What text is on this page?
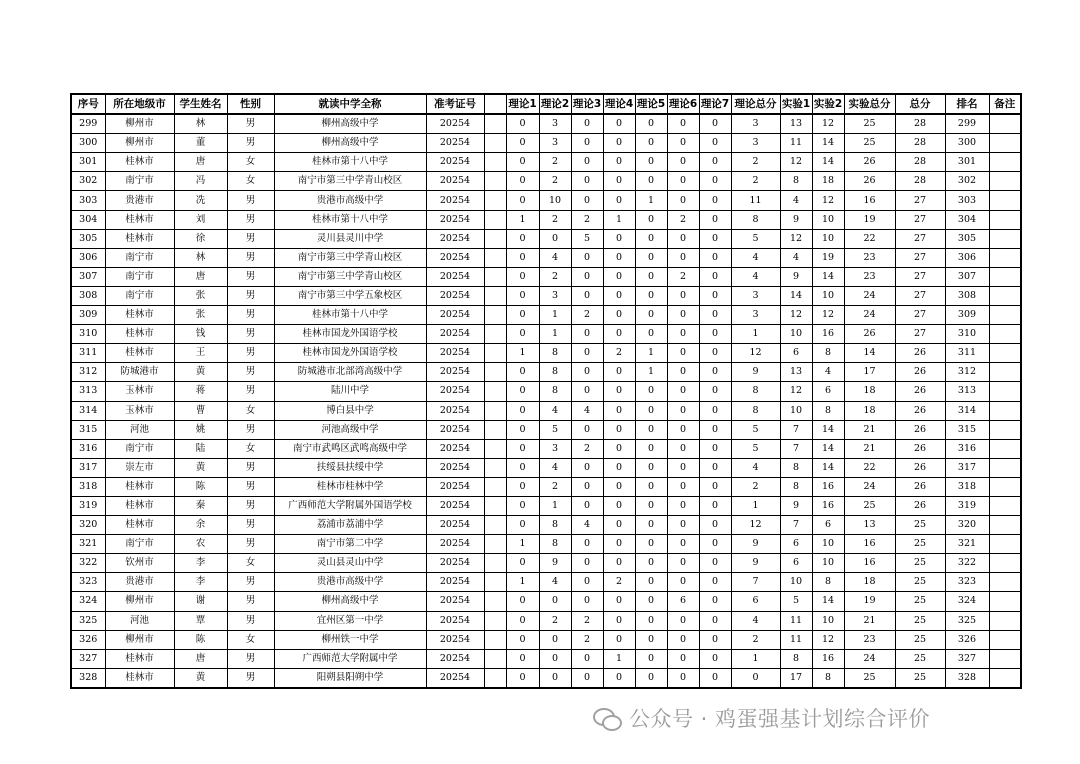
序号	所在地级市	学生姓名	性别	就读中学全称	准考证号		理论1	理论2	理论3	理论4	理论5	理论6	理论7	理论总分	实验1	实验2	实验总分	总分	排名	备注
299	柳州市	林	男	柳州高级中学	20254		0	3	0	0	0	0	0	3	13	12	25	28	299	
300	柳州市	董	男	柳州高级中学	20254		0	3	0	0	0	0	0	3	11	14	25	28	300	
301	桂林市	唐	女	桂林市第十八中学	20254		0	2	0	0	0	0	0	2	12	14	26	28	301	
302	南宁市	冯	女	南宁市第三中学青山校区	20254		0	2	0	0	0	0	0	2	8	18	26	28	302	
303	贵港市	冼	男	贵港市高级中学	20254		0	10	0	0	1	0	0	11	4	12	16	27	303	
304	桂林市	刘	男	桂林市第十八中学	20254		1	2	2	1	0	2	0	8	9	10	19	27	304	
305	桂林市	徐	男	灵川县灵川中学	20254		0	0	5	0	0	0	0	5	12	10	22	27	305	
306	南宁市	林	男	南宁市第三中学青山校区	20254		0	4	0	0	0	0	0	4	4	19	23	27	306	
307	南宁市	唐	男	南宁市第三中学青山校区	20254		0	2	0	0	0	2	0	4	9	14	23	27	307	
308	南宁市	张	男	南宁市第三中学五象校区	20254		0	3	0	0	0	0	0	3	14	10	24	27	308	
309	桂林市	张	男	桂林市第十八中学	20254		0	1	2	0	0	0	0	3	12	12	24	27	309	
310	桂林市	钱	男	桂林市国龙外国语学校	20254		0	1	0	0	0	0	0	1	10	16	26	27	310	
311	桂林市	王	男	桂林市国龙外国语学校	20254		1	8	0	2	1	0	0	12	6	8	14	26	311	
312	防城港市	黄	男	防城港市北部湾高级中学	20254		0	8	0	0	1	0	0	9	13	4	17	26	312	
313	玉林市	蒋	男	陆川中学	20254		0	8	0	0	0	0	0	8	12	6	18	26	313	
314	玉林市	曹	女	博白县中学	20254		0	4	4	0	0	0	0	8	10	8	18	26	314	
315	河池	姚	男	河池高级中学	20254		0	5	0	0	0	0	0	5	7	14	21	26	315	
316	南宁市	陆	女	南宁市武鸣区武鸣高级中学	20254		0	3	2	0	0	0	0	5	7	14	21	26	316	
317	崇左市	黄	男	扶绥县扶绥中学	20254		0	4	0	0	0	0	0	4	8	14	22	26	317	
318	桂林市	陈	男	桂林市桂林中学	20254		0	2	0	0	0	0	0	2	8	16	24	26	318	
319	桂林市	秦	男	广西师范大学附属外国语学校	20254		0	1	0	0	0	0	0	1	9	16	25	26	319	
320	桂林市	余	男	荔浦市荔浦中学	20254		0	8	4	0	0	0	0	12	7	6	13	25	320	
321	南宁市	农	男	南宁市第二中学	20254		1	8	0	0	0	0	0	9	6	10	16	25	321	
322	钦州市	李	女	灵山县灵山中学	20254		0	9	0	0	0	0	0	9	6	10	16	25	322	
323	贵港市	李	男	贵港市高级中学	20254		1	4	0	2	0	0	0	7	10	8	18	25	323	
324	柳州市	谢	男	柳州高级中学	20254		0	0	0	0	0	6	0	6	5	14	19	25	324	
325	河池	覃	男	宜州区第一中学	20254		0	2	2	0	0	0	0	4	11	10	21	25	325	
326	柳州市	陈	女	柳州铁一中学	20254		0	0	2	0	0	0	0	2	11	12	23	25	326	
327	桂林市	唐	男	广西师范大学附属中学	20254		0	0	0	1	0	0	0	1	8	16	24	25	327	
328	桂林市	黄	男	阳朔县阳朔中学	20254		0	0	0	0	0	0	0	0	17	8	25	25	328	
公众号 · 鸡蛋强基计划综合评价
